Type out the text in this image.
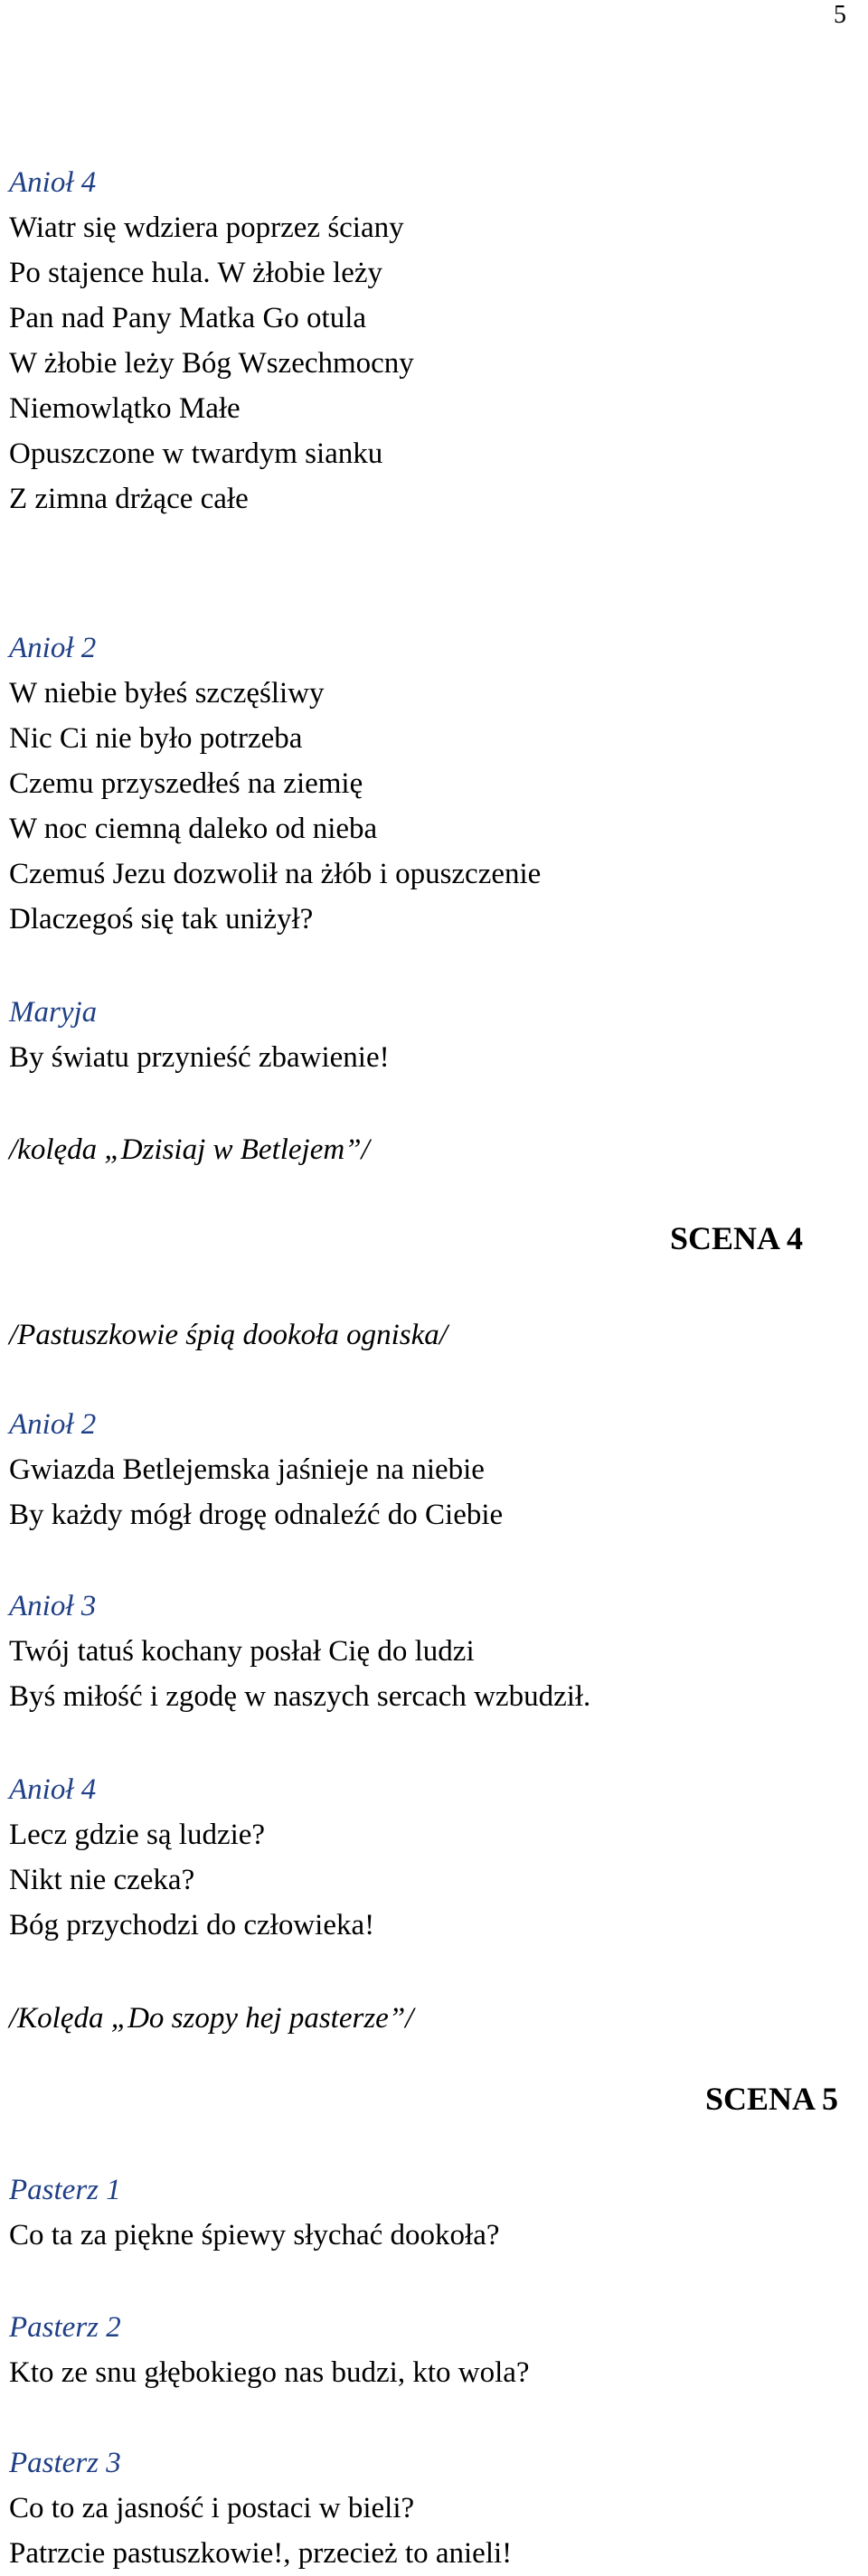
5
Anioł 4
Wiatr się wdziera poprzez ściany
Po stajence hula. W żłobie leży
Pan nad Pany Matka Go otula
W żłobie leży Bóg Wszechmocny
Niemowlątko Małe
Opuszczone w twardym sianku
Z zimna drżące całe
Anioł 2
W niebie byłeś szczęśliwy
Nic Ci nie było potrzeba
Czemu przyszedłeś na ziemię
W noc ciemną daleko od nieba
Czemuś Jezu dozwolił na żłób i opuszczenie
Dlaczegoś się tak uniżył?
Maryja
By światu przynieść zbawienie!
/kolęda „Dzisiaj w Betlejem”/
SCENA 4
/Pastuszkowie śpią dookoła ogniska/
Anioł 2
Gwiazda Betlejemska jaśnieje na niebie
By każdy mógł drogę odnaleźć do Ciebie
Anioł 3
Twój tatuś kochany posłał Cię do ludzi
Byś miłość i zgodę w naszych sercach wzbudził.
Anioł 4
Lecz gdzie są ludzie?
Nikt nie czeka?
Bóg przychodzi do człowieka!
/Kolęda „Do szopy hej pasterze”/
SCENA 5
Pasterz 1
Co ta za piękne śpiewy słychać dookoła?
Pasterz 2
Kto ze snu głębokiego nas budzi, kto wola?
Pasterz 3
Co to za jasność i postaci w bieli?
Patrzcie pastuszkowie!, przecież to anieli!
